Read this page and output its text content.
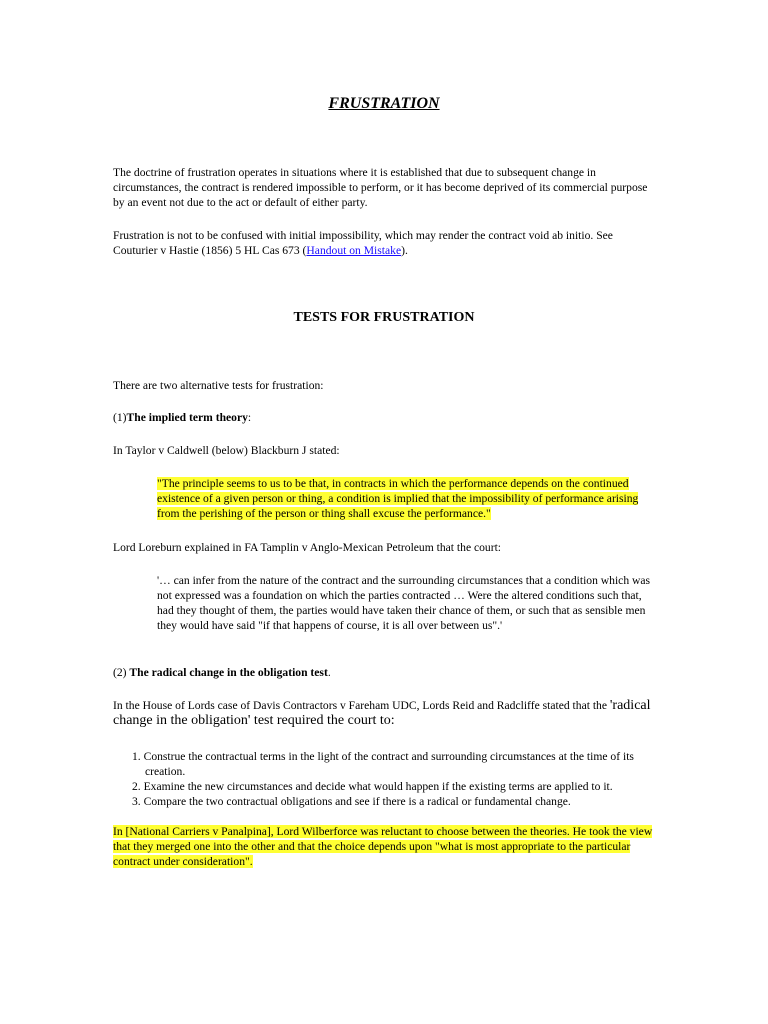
FRUSTRATION

The doctrine of frustration operates in situations where it is established that due to subsequent change in circumstances, the contract is rendered impossible to perform, or it has become deprived of its commercial purpose by an event not due to the act or default of either party.

Frustration is not to be confused with initial impossibility, which may render the contract void ab initio. See Couturier v Hastie (1856) 5 HL Cas 673 (Handout on Mistake).

TESTS FOR FRUSTRATION

There are two alternative tests for frustration:

(1)The implied term theory:

In Taylor v Caldwell (below) Blackburn J stated:

"The principle seems to us to be that, in contracts in which the performance depends on the continued existence of a given person or thing, a condition is implied that the impossibility of performance arising from the perishing of the person or thing shall excuse the performance."

Lord Loreburn explained in FA Tamplin v Anglo-Mexican Petroleum that the court:

'… can infer from the nature of the contract and the surrounding circumstances that a condition which was not expressed was a foundation on which the parties contracted … Were the altered conditions such that, had they thought of them, the parties would have taken their chance of them, or such that as sensible men they would have said "if that happens of course, it is all over between us".'

(2) The radical change in the obligation test.

In the House of Lords case of Davis Contractors v Fareham UDC, Lords Reid and Radcliffe stated that the 'radical change in the obligation' test required the court to:

1. Construe the contractual terms in the light of the contract and surrounding circumstances at the time of its creation.
2. Examine the new circumstances and decide what would happen if the existing terms are applied to it.
3. Compare the two contractual obligations and see if there is a radical or fundamental change.

In [National Carriers v Panalpina], Lord Wilberforce was reluctant to choose between the theories. He took the view that they merged one into the other and that the choice depends upon "what is most appropriate to the particular contract under consideration".
